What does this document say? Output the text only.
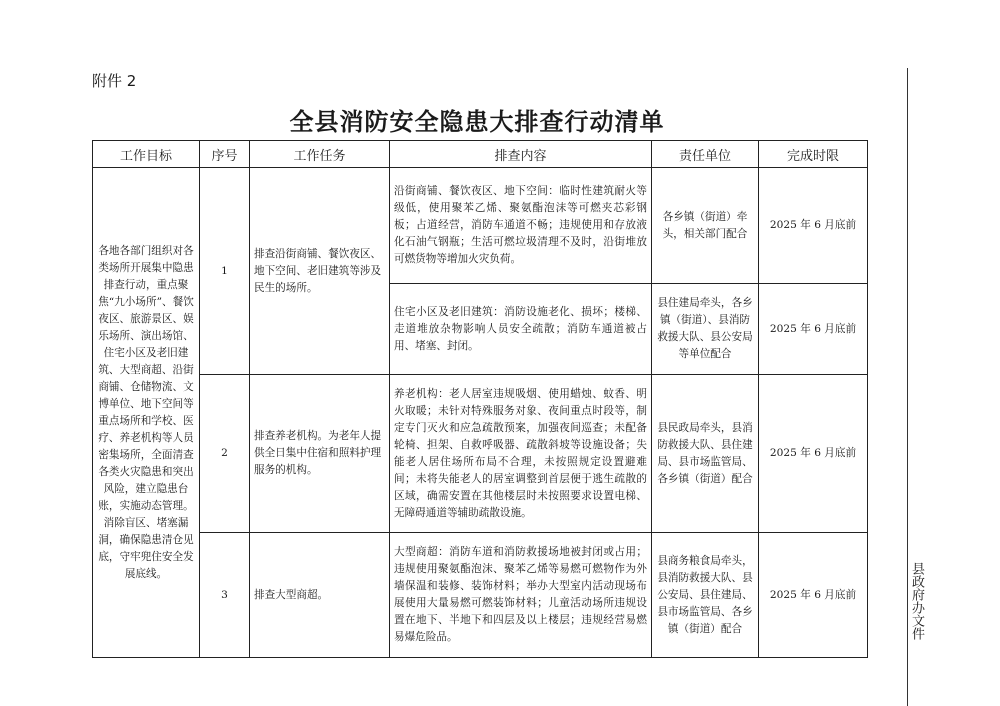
附件 2
全县消防安全隐患大排查行动清单
工作目标	序号	工作任务	排查内容	责任单位	完成时限
各地各部门组织对各类场所开展集中隐患排查行动，重点聚焦“九小场所”、餐饮夜区、旅游景区、娱乐场所、演出场馆、住宅小区及老旧建筑、大型商超、沿街商铺、仓储物流、文博单位、地下空间等重点场所和学校、医疗、养老机构等人员密集场所，全面清查各类火灾隐患和突出风险，建立隐患台账，实施动态管理。消除盲区、堵塞漏洞，确保隐患清仓见底，守牢兜住安全发展底线。	1	排查沿街商铺、餐饮夜区、地下空间、老旧建筑等涉及民生的场所。	沿街商铺、餐饮夜区、地下空间：临时性建筑耐火等级低，使用聚苯乙烯、聚氨酯泡沫等可燃夹芯彩钢板；占道经营，消防车通道不畅；违规使用和存放液化石油气钢瓶；生活可燃垃圾清理不及时，沿街堆放可燃货物等增加火灾负荷。	各乡镇（街道）牵头，相关部门配合	2025 年 6 月底前
			住宅小区及老旧建筑：消防设施老化、损坏；楼梯、走道堆放杂物影响人员安全疏散；消防车通道被占用、堵塞、封闭。	县住建局牵头，各乡镇（街道）、县消防救援大队、县公安局等单位配合	2025 年 6 月底前
	2	排查养老机构。为老年人提供全日集中住宿和照料护理服务的机构。	养老机构：老人居室违规吸烟、使用蜡烛、蚊香、明火取暖；未针对特殊服务对象、夜间重点时段等，制定专门灭火和应急疏散预案，加强夜间巡查；未配备轮椅、担架、自救呼吸器、疏散斜坡等设施设备；失能老人居住场所布局不合理，未按照规定设置避难间；未将失能老人的居室调整到首层便于逃生疏散的区域，确需安置在其他楼层时未按照要求设置电梯、无障碍通道等辅助疏散设施。	县民政局牵头，县消防救援大队、县住建局、县市场监管局、各乡镇（街道）配合	2025 年 6 月底前
	3	排查大型商超。	大型商超：消防车道和消防救援场地被封闭或占用；违规使用聚氨酯泡沫、聚苯乙烯等易燃可燃物作为外墙保温和装修、装饰材料；举办大型室内活动现场布展使用大量易燃可燃装饰材料；儿童活动场所违规设置在地下、半地下和四层及以上楼层；违规经营易燃易爆危险品。	县商务粮食局牵头，县消防救援大队、县公安局、县住建局、县市场监管局、各乡镇（街道）配合	2025 年 6 月底前	县政府办文件
